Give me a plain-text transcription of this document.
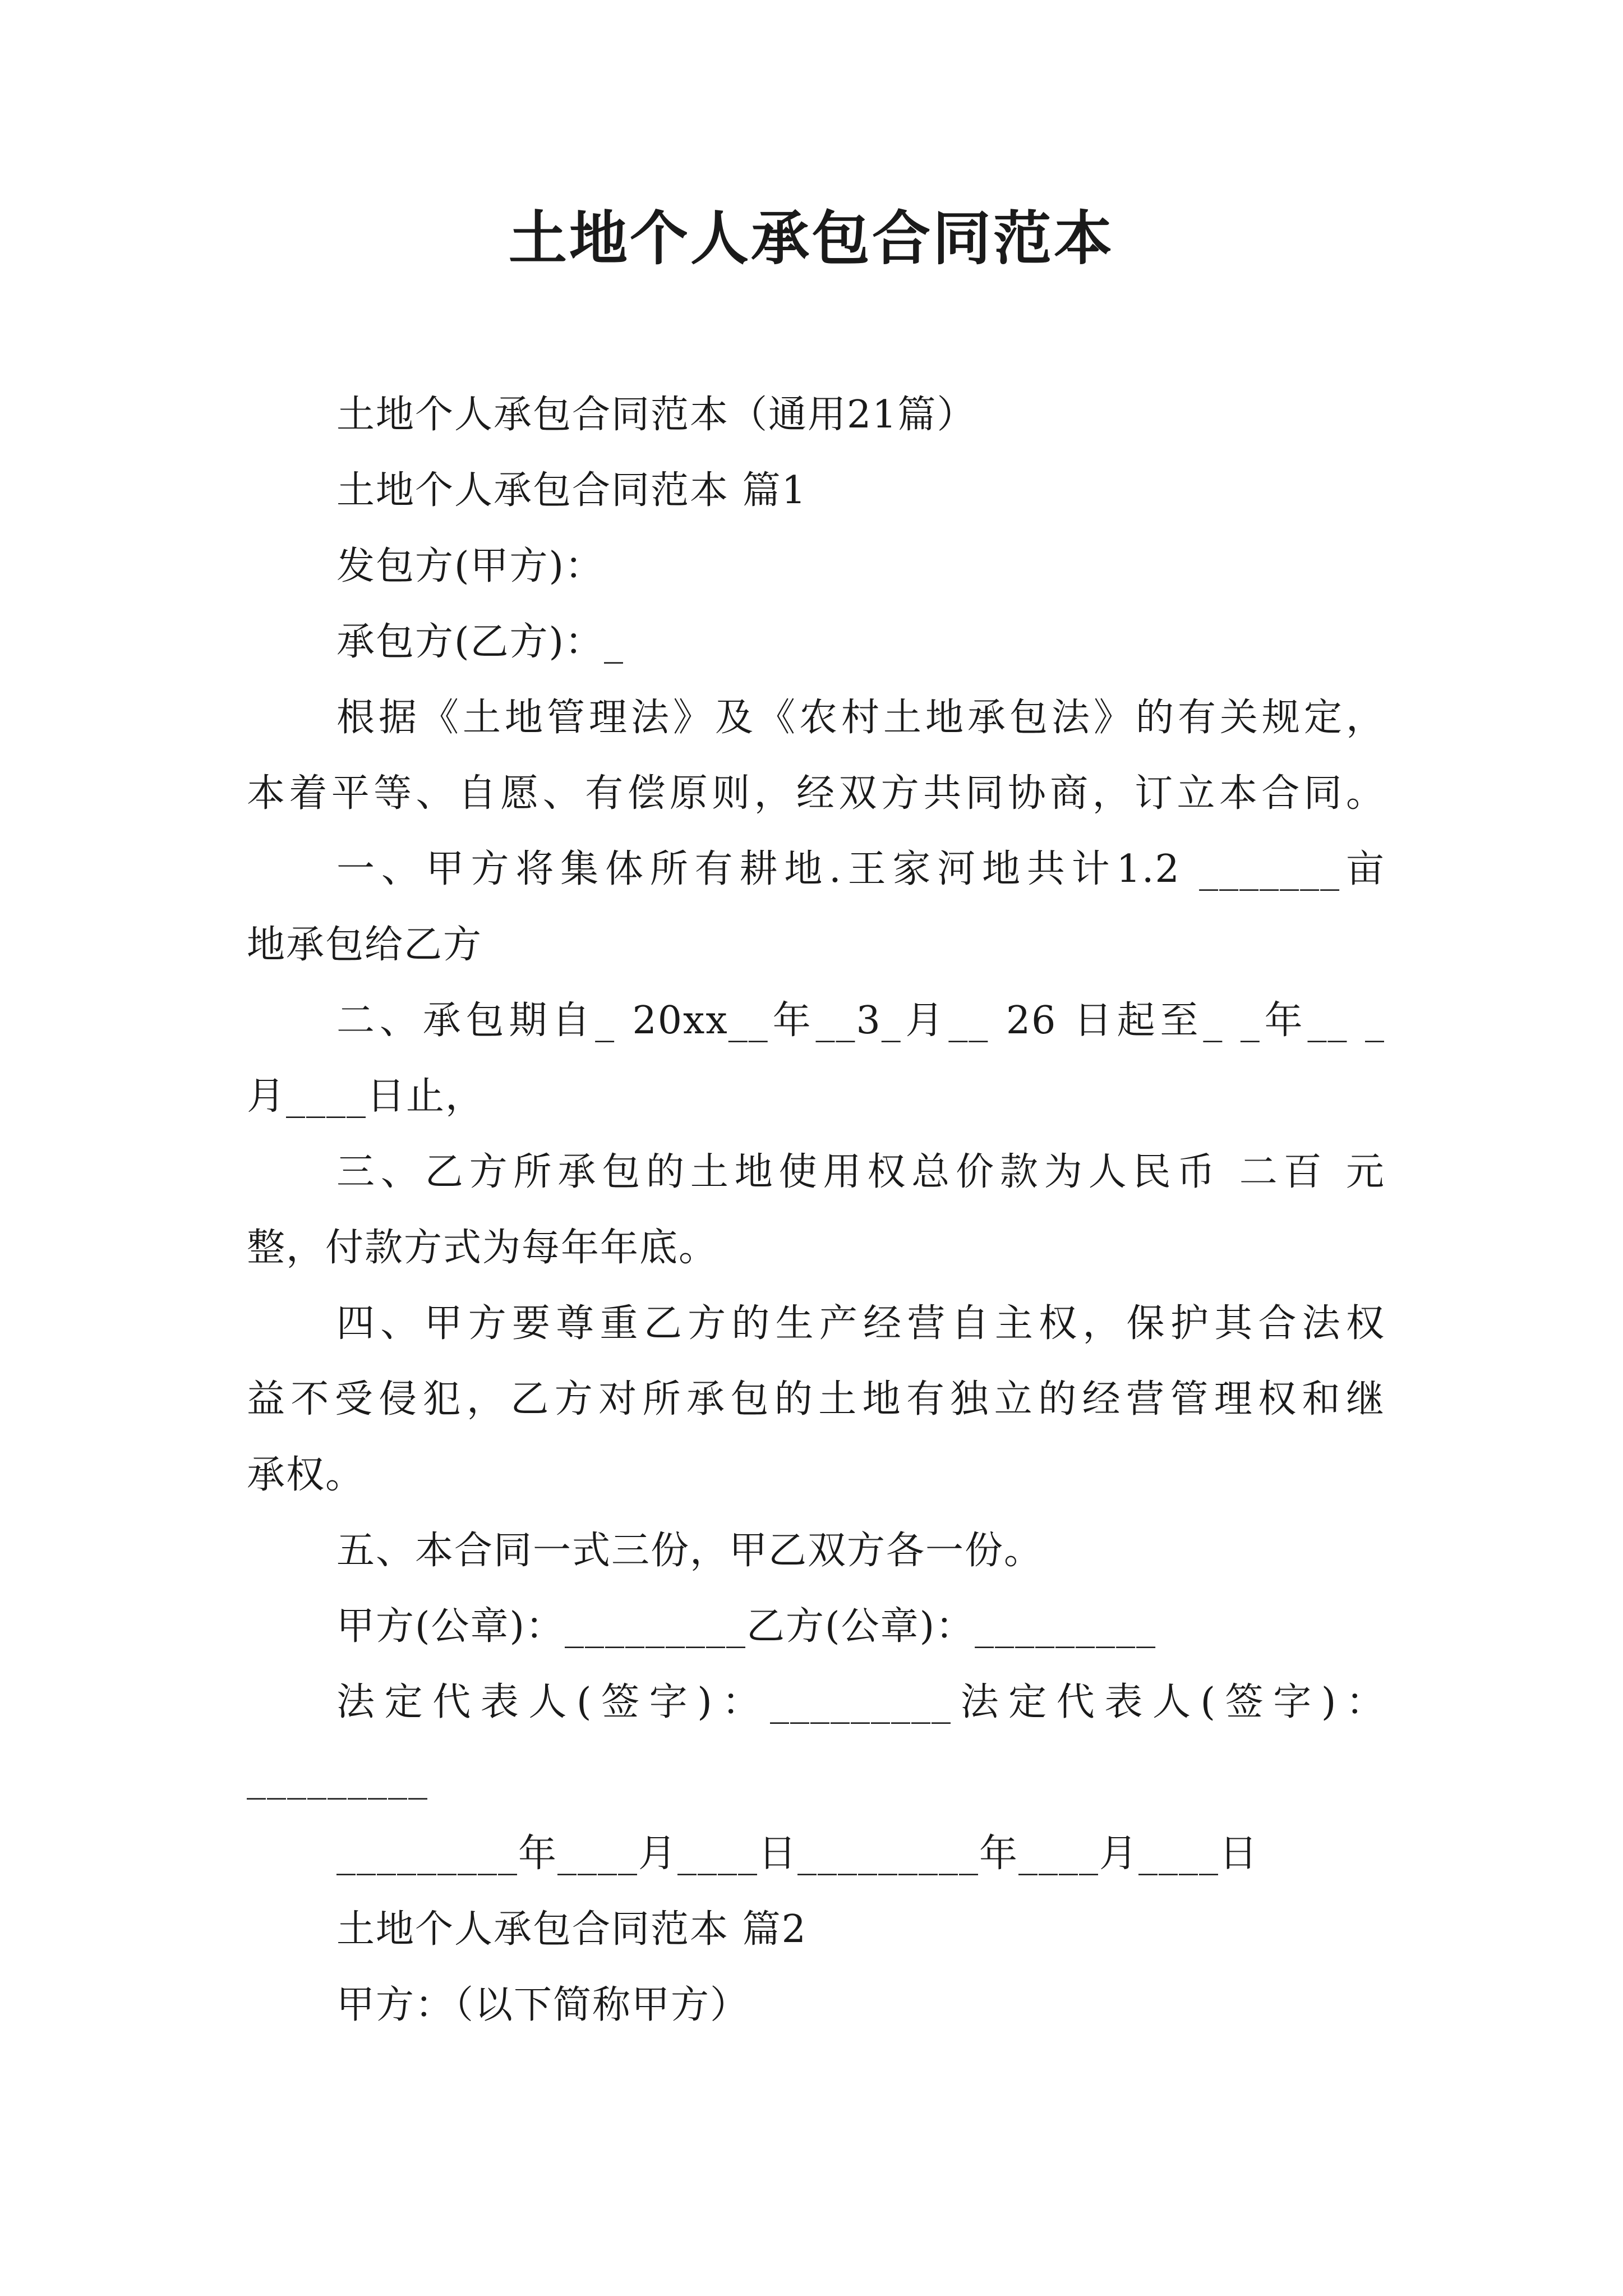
土地个人承包合同范本
土地个人承包合同范本（通用21篇）
土地个人承包合同范本 篇1
发包方(甲方)：
承包方(乙方)：_
根据《土地管理法》及《农村土地承包法》的有关规定，
本着平等、自愿、有偿原则，经双方共同协商，订立本合同。
一、甲方将集体所有耕地.王家河地共计1.2 _______亩
地承包给乙方
二、承包期自_ 20xx__年__3_月__ 26 日起至_ _年__ _
月____日止，
三、乙方所承包的土地使用权总价款为人民币 二百 元
整，付款方式为每年年底。
四、甲方要尊重乙方的生产经营自主权，保护其合法权
益不受侵犯，乙方对所承包的土地有独立的经营管理权和继
承权。
五、本合同一式三份，甲乙双方各一份。
甲方(公章)：_________乙方(公章)：_________
法定代表人(签字)：_________法定代表人(签字)：
_________
_________年____月____日_________年____月____日
土地个人承包合同范本 篇2
甲方：（以下简称甲方）
